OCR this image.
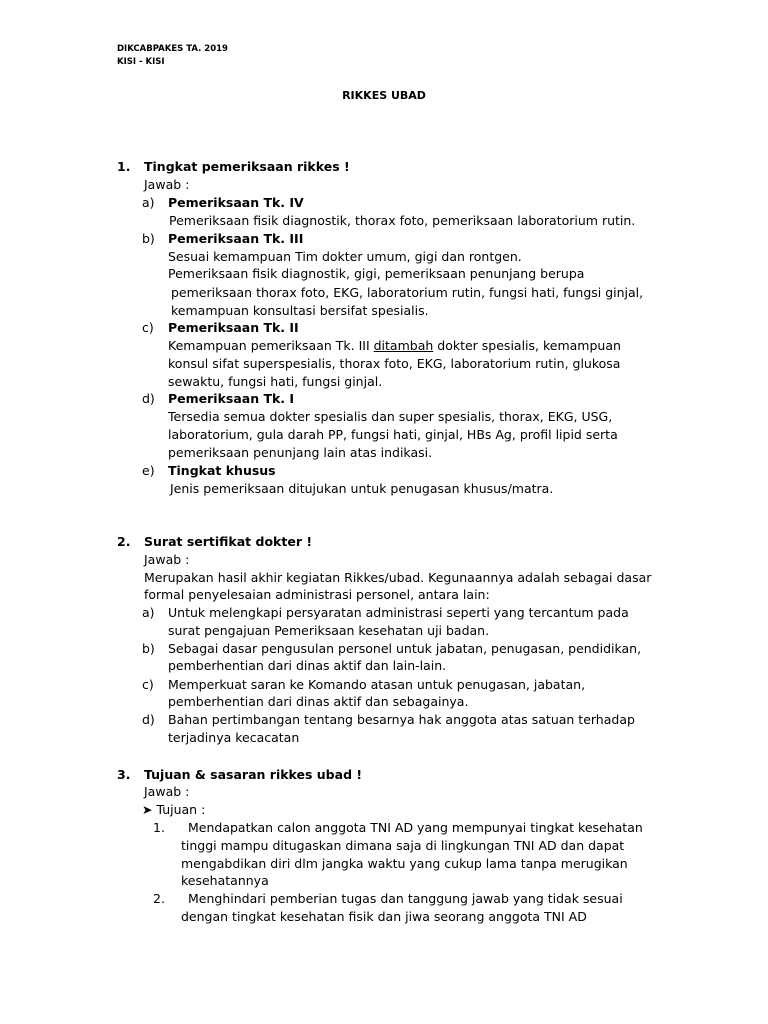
DIKCABPAKES TA. 2019
KISI - KISI
RIKKES UBAD
1. Tingkat pemeriksaan rikkes !
Jawab :
a) Pemeriksaan Tk. IV
Pemeriksaan fisik diagnostik, thorax foto, pemeriksaan laboratorium rutin.
b) Pemeriksaan Tk. III
Sesuai kemampuan Tim dokter umum, gigi dan rontgen.
Pemeriksaan fisik diagnostik, gigi, pemeriksaan penunjang berupa
pemeriksaan thorax foto, EKG, laboratorium rutin, fungsi hati, fungsi ginjal,
kemampuan konsultasi bersifat spesialis.
c) Pemeriksaan Tk. II
Kemampuan pemeriksaan Tk. III ditambah dokter spesialis, kemampuan
konsul sifat superspesialis, thorax foto, EKG, laboratorium rutin, glukosa
sewaktu, fungsi hati, fungsi ginjal.
d) Pemeriksaan Tk. I
Tersedia semua dokter spesialis dan super spesialis, thorax, EKG, USG,
laboratorium, gula darah PP, fungsi hati, ginjal, HBs Ag, profil lipid serta
pemeriksaan penunjang lain atas indikasi.
e) Tingkat khusus
Jenis pemeriksaan ditujukan untuk penugasan khusus/matra.
2. Surat sertifikat dokter !
Jawab :
Merupakan hasil akhir kegiatan Rikkes/ubad. Kegunaannya adalah sebagai dasar
formal penyelesaian administrasi personel, antara lain:
a) Untuk melengkapi persyaratan administrasi seperti yang tercantum pada
surat pengajuan Pemeriksaan kesehatan uji badan.
b) Sebagai dasar pengusulan personel untuk jabatan, penugasan, pendidikan,
pemberhentian dari dinas aktif dan lain-lain.
c) Memperkuat saran ke Komando atasan untuk penugasan, jabatan,
pemberhentian dari dinas aktif dan sebagainya.
d) Bahan pertimbangan tentang besarnya hak anggota atas satuan terhadap
terjadinya kecacatan
3. Tujuan & sasaran rikkes ubad !
Jawab :
➤ Tujuan :
1. Mendapatkan calon anggota TNI AD yang mempunyai tingkat kesehatan
tinggi mampu ditugaskan dimana saja di lingkungan TNI AD dan dapat
mengabdikan diri dlm jangka waktu yang cukup lama tanpa merugikan
kesehatannya
2. Menghindari pemberian tugas dan tanggung jawab yang tidak sesuai
dengan tingkat kesehatan fisik dan jiwa seorang anggota TNI AD
